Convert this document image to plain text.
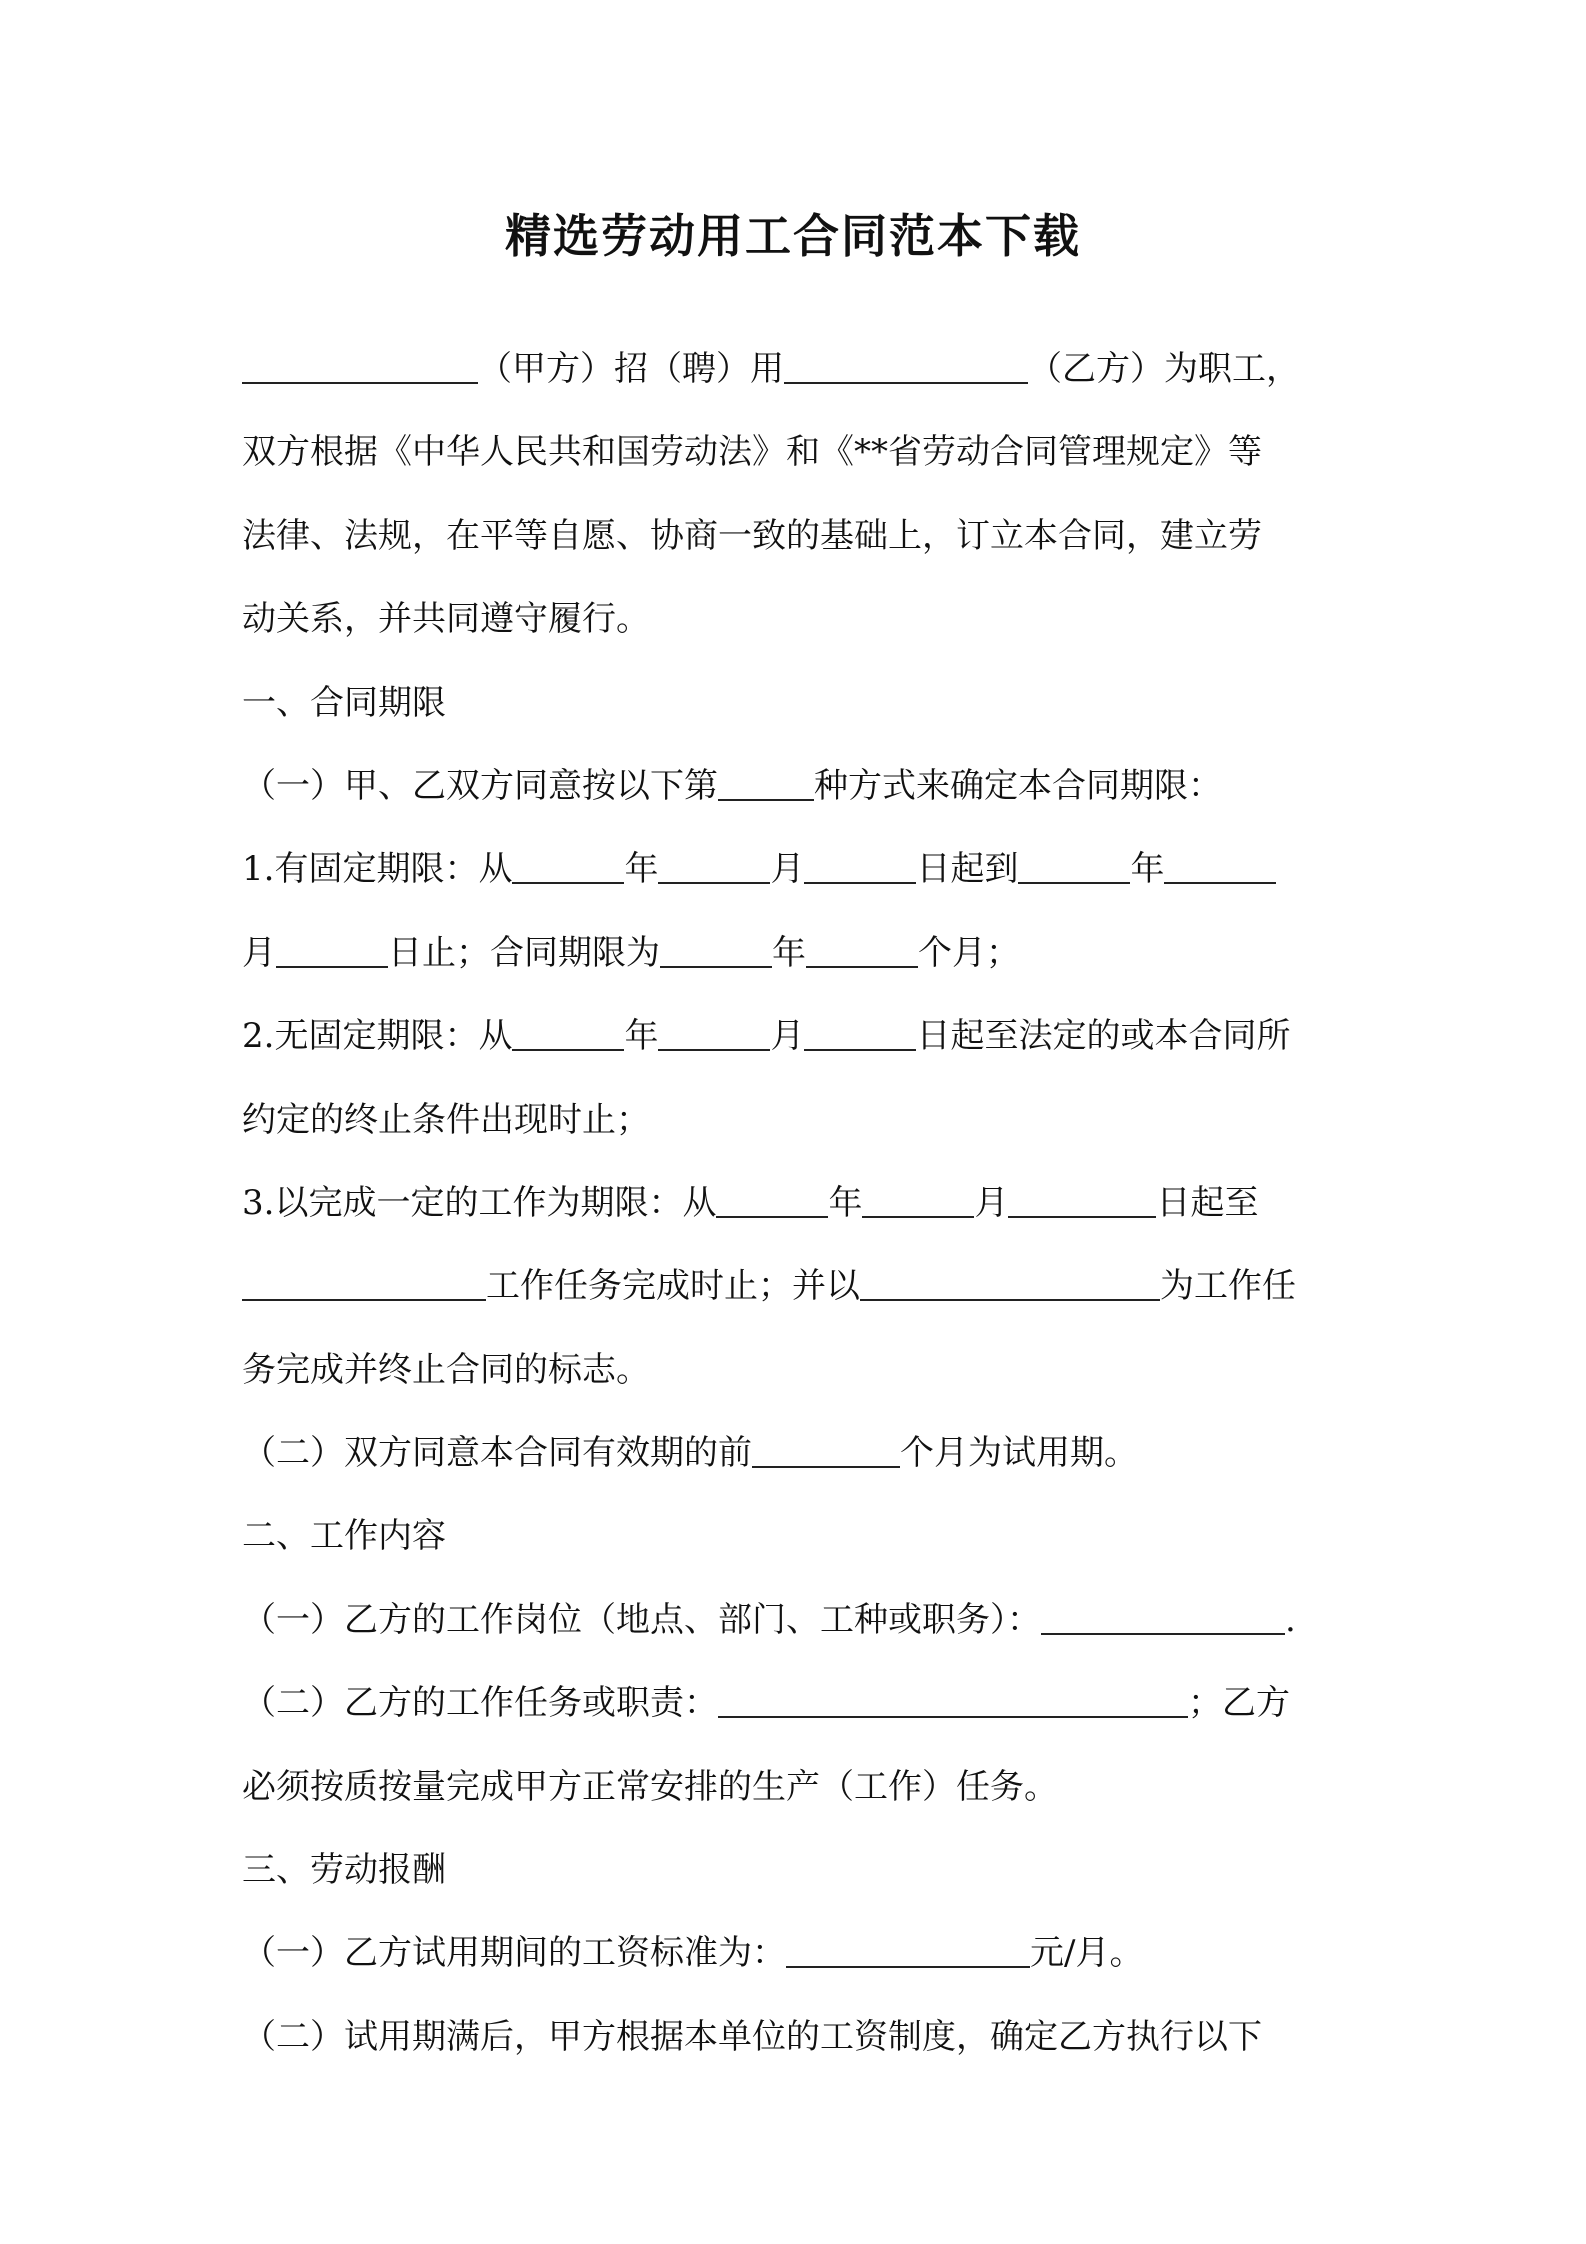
精选劳动用工合同范本下载
（甲方）招（聘）用	（乙方）为职工，
双方根据《中华人民共和国劳动法》和《**省劳动合同管理规定》等
法律、法规，在平等自愿、协商一致的基础上，订立本合同，建立劳
动关系，并共同遵守履行。
一、合同期限
（一）甲、乙双方同意按以下第	种方式来确定本合同期限：
1.有固定期限：从	年	月	日起到	年
月	日止；合同期限为	年	个月；
2.无固定期限：从	年	月	日起至法定的或本合同所
约定的终止条件出现时止；
3.以完成一定的工作为期限：从	年	月	日起至
工作任务完成时止；并以	为工作任
务完成并终止合同的标志。
（二）双方同意本合同有效期的前	个月为试用期。
二、工作内容
（一）乙方的工作岗位（地点、部门、工种或职务）：	.
（二）乙方的工作任务或职责：	；乙方
必须按质按量完成甲方正常安排的生产（工作）任务。
三、劳动报酬
（一）乙方试用期间的工资标准为：	元/月。
（二）试用期满后，甲方根据本单位的工资制度，确定乙方执行以下
